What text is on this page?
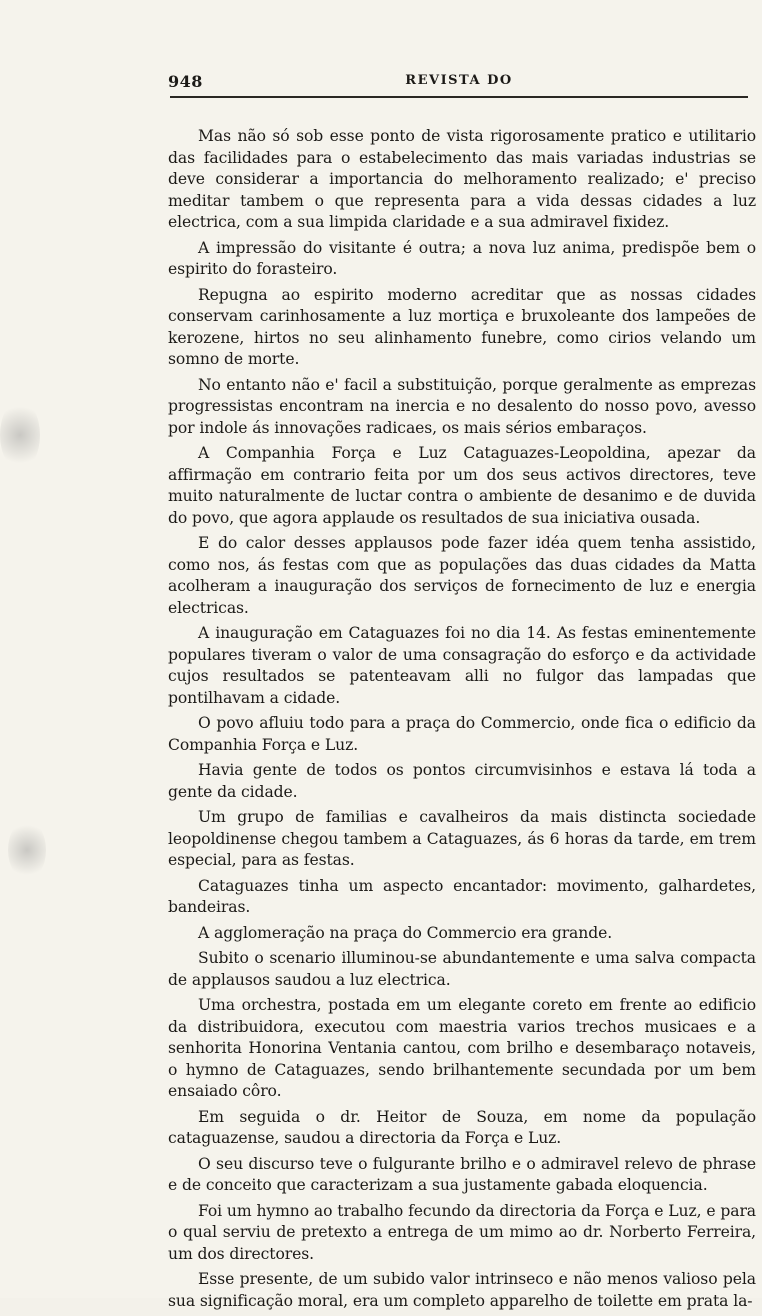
948	REVISTA DO

Mas não só sob esse ponto de vista rigorosamente pratico e utilitario das facilidades para o estabelecimento das mais variadas industrias se deve considerar a importancia do melhoramento realizado; e' preciso meditar tambem o que representa para a vida dessas cidades a luz electrica, com a sua limpida claridade e a sua admiravel fixidez.

A impressão do visitante é outra; a nova luz anima, predispõe bem o espirito do forasteiro.

Repugna ao espirito moderno acreditar que as nossas cidades conservam carinhosamente a luz mortiça e bruxoleante dos lampeões de kerozene, hirtos no seu alinhamento funebre, como cirios velando um somno de morte.

No entanto não e' facil a substituição, porque geralmente as emprezas progressistas encontram na inercia e no desalento do nosso povo, avesso por indole ás innovações radicaes, os mais sérios embaraços.

A Companhia Força e Luz Cataguazes-Leopoldina, apezar da affirmação em contrario feita por um dos seus activos directores, teve muito naturalmente de luctar contra o ambiente de desanimo e de duvida do povo, que agora applaude os resultados de sua iniciativa ousada.

E do calor desses applausos pode fazer idéa quem tenha assistido, como nos, ás festas com que as populações das duas cidades da Matta acolheram a inauguração dos serviços de fornecimento de luz e energia electricas.

A inauguração em Cataguazes foi no dia 14. As festas eminentemente populares tiveram o valor de uma consagração do esforço e da actividade cujos resultados se patenteavam alli no fulgor das lampadas que pontilhavam a cidade.

O povo afluiu todo para a praça do Commercio, onde fica o edificio da Companhia Força e Luz.

Havia gente de todos os pontos circumvisinhos e estava lá toda a gente da cidade.

Um grupo de familias e cavalheiros da mais distincta sociedade leopoldinense chegou tambem a Cataguazes, ás 6 horas da tarde, em trem especial, para as festas.

Cataguazes tinha um aspecto encantador: movimento, galhardetes, bandeiras.

A agglomeração na praça do Commercio era grande.

Subito o scenario illuminou-se abundantemente e uma salva compacta de applausos saudou a luz electrica.

Uma orchestra, postada em um elegante coreto em frente ao edificio da distribuidora, executou com maestria varios trechos musicaes e a senhorita Honorina Ventania cantou, com brilho e desembaraço notaveis, o hymno de Cataguazes, sendo brilhantemente secundada por um bem ensaiado côro.

Em seguida o dr. Heitor de Souza, em nome da população cataguazense, saudou a directoria da Força e Luz.

O seu discurso teve o fulgurante brilho e o admiravel relevo de phrase e de conceito que caracterizam a sua justamente gabada eloquencia.

Foi um hymno ao trabalho fecundo da directoria da Força e Luz, e para o qual serviu de pretexto a entrega de um mimo ao dr. Norberto Ferreira, um dos directores.

Esse presente, de um subido valor intrinseco e não menos valioso pela sua significação moral, era um completo apparelho de toilette em prata la-
